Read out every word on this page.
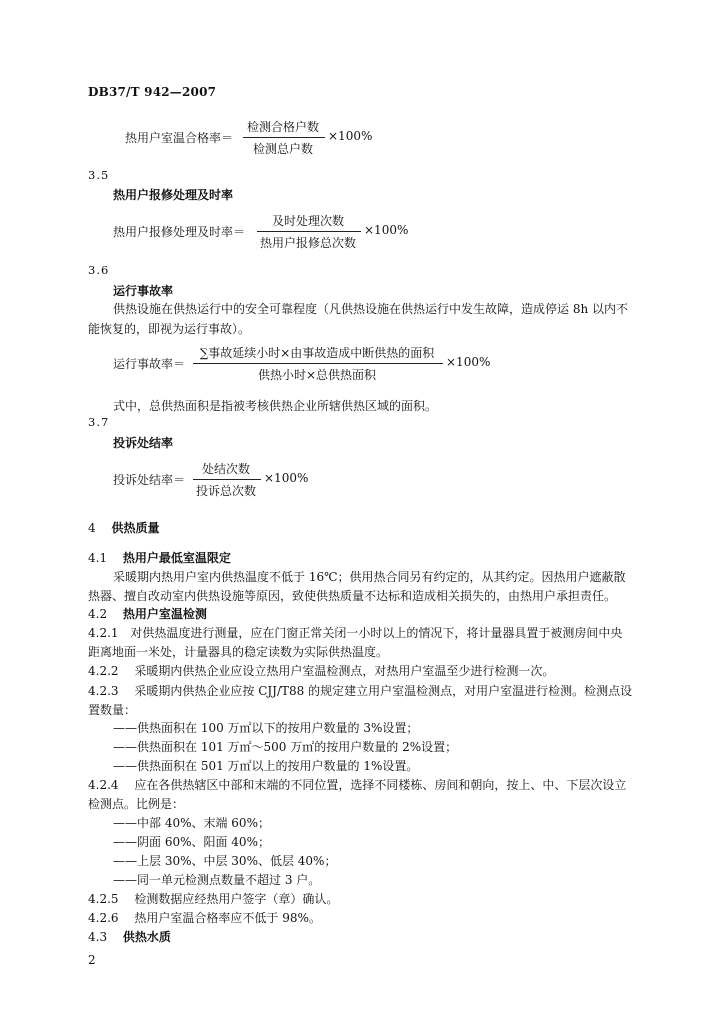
DB37/T 942—2007
热用户室温合格率＝
检测合格户数
检测总户数
×100%
3.5
热用户报修处理及时率
热用户报修处理及时率＝
及时处理次数
热用户报修总次数
×100%
3.6
运行事故率
供热设施在供热运行中的安全可靠程度（凡供热设施在供热运行中发生故障，造成停运 8h 以内不
能恢复的，即视为运行事故）。
运行事故率＝
∑事故延续小时×由事故造成中断供热的面积
供热小时×总供热面积
×100%
式中，总供热面积是指被考核供热企业所辖供热区域的面积。
3.7
投诉处结率
投诉处结率＝
处结次数
投诉总次数
×100%
4 供热质量
4.1 热用户最低室温限定
采暖期内热用户室内供热温度不低于 16℃；供用热合同另有约定的，从其约定。因热用户遮蔽散
热器、擅自改动室内供热设施等原因，致使供热质量不达标和造成相关损失的，由热用户承担责任。
4.2 热用户室温检测
4.2.1 对供热温度进行测量，应在门窗正常关闭一小时以上的情况下，将计量器具置于被测房间中央
距离地面一米处，计量器具的稳定读数为实际供热温度。
4.2.2 采暖期内供热企业应设立热用户室温检测点，对热用户室温至少进行检测一次。
4.2.3 采暖期内供热企业应按 CJJ/T88 的规定建立用户室温检测点，对用户室温进行检测。检测点设
置数量：
——供热面积在 100 万㎡以下的按用户数量的 3%设置；
——供热面积在 101 万㎡～500 万㎡的按用户数量的 2%设置；
——供热面积在 501 万㎡以上的按用户数量的 1%设置。
4.2.4 应在各供热辖区中部和末端的不同位置，选择不同楼栋、房间和朝向，按上、中、下层次设立
检测点。比例是：
——中部 40%、末端 60%；
——阴面 60%、阳面 40%；
——上层 30%、中层 30%、低层 40%；
——同一单元检测点数量不超过 3 户。
4.2.5 检测数据应经热用户签字（章）确认。
4.2.6 热用户室温合格率应不低于 98%。
4.3 供热水质
2
